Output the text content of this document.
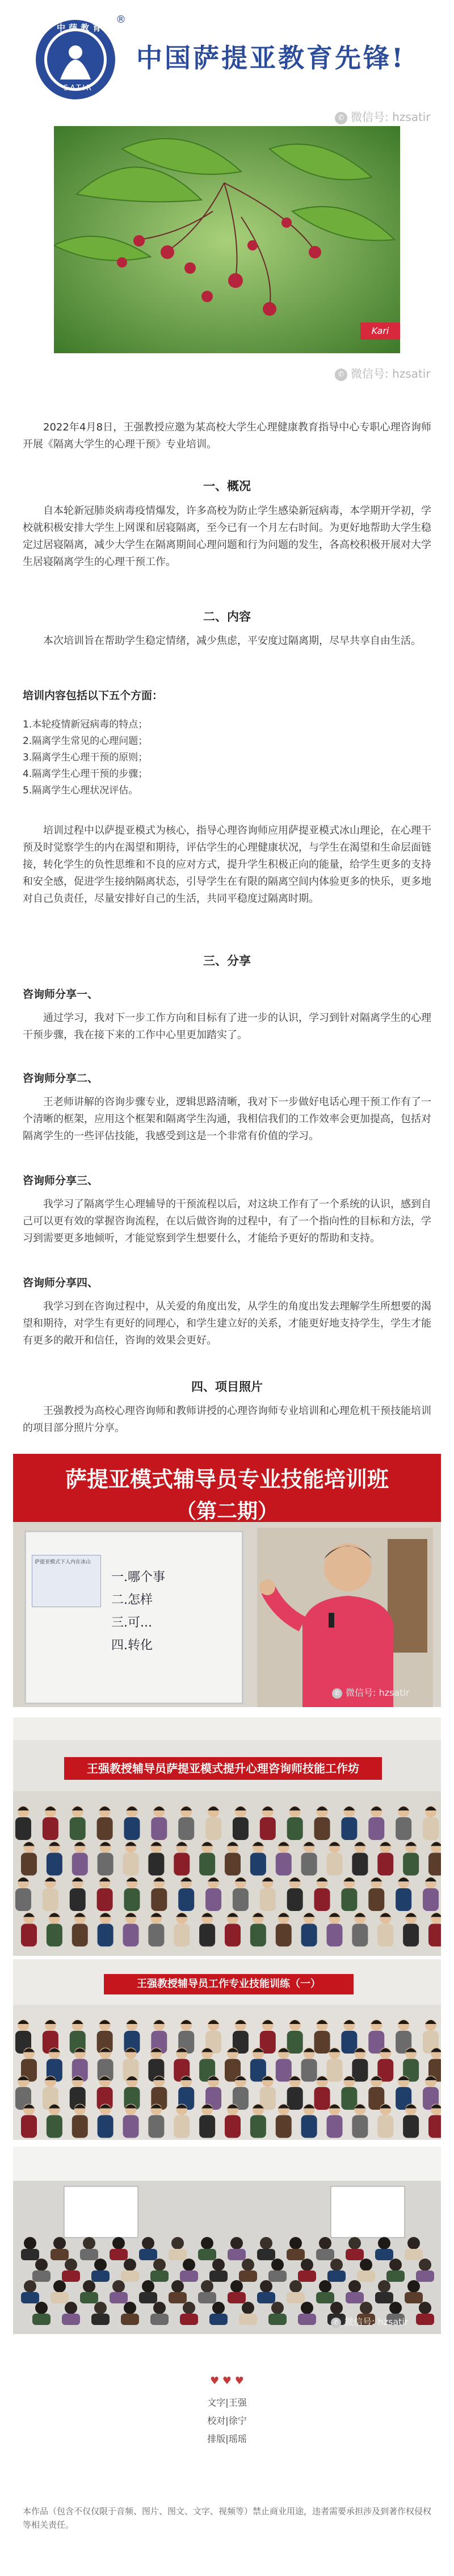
中萨教育
SATIR
®
中国萨提亚教育先锋!
✆ 微信号: hzsatir
Kari
✆ 微信号: hzsatir

2022年4月8日，王强教授应邀为某高校大学生心理健康教育指导中心专职心理咨询师开展《隔离大学生的心理干预》专业培训。

一、概况

自本轮新冠肺炎病毒疫情爆发，许多高校为防止学生感染新冠病毒，本学期开学初，学校就积极安排大学生上网课和居寝隔离，至今已有一个月左右时间。为更好地帮助大学生稳定过居寝隔离，减少大学生在隔离期间心理问题和行为问题的发生，各高校积极开展对大学生居寝隔离学生的心理干预工作。

二、内容

本次培训旨在帮助学生稳定情绪，减少焦虑，平安度过隔离期，尽早共享自由生活。

培训内容包括以下五个方面：
1.本轮疫情新冠病毒的特点；
2.隔离学生常见的心理问题；
3.隔离学生心理干预的原则；
4.隔离学生心理干预的步骤；
5.隔离学生心理状况评估。

培训过程中以萨提亚模式为核心，指导心理咨询师应用萨提亚模式冰山理论，在心理干预及时觉察学生的内在渴望和期待，评估学生的心理健康状况，与学生在渴望和生命层面链接，转化学生的负性思维和不良的应对方式，提升学生积极正向的能量，给学生更多的支持和安全感，促进学生接纳隔离状态，引导学生在有限的隔离空间内体验更多的快乐，更多地对自己负责任，尽量安排好自己的生活，共同平稳度过隔离时期。

三、分享
咨询师分享一、

通过学习，我对下一步工作方向和目标有了进一步的认识，学习到针对隔离学生的心理干预步骤，我在接下来的工作中心里更加踏实了。

咨询师分享二、

王老师讲解的咨询步骤专业，逻辑思路清晰，我对下一步做好电话心理干预工作有了一个清晰的框架，应用这个框架和隔离学生沟通，我相信我们的工作效率会更加提高，包括对隔离学生的一些评估技能，我感受到这是一个非常有价值的学习。

咨询师分享三、

我学习了隔离学生心理辅导的干预流程以后，对这块工作有了一个系统的认识，感到自己可以更有效的掌握咨询流程，在以后做咨询的过程中，有了一个指向性的目标和方法，学习到需要更多地倾听，才能觉察到学生想要什么，才能给予更好的帮助和支持。

咨询师分享四、

我学习到在咨询过程中，从关爱的角度出发，从学生的角度出发去理解学生所想要的渴望和期待，对学生有更好的同理心，和学生建立好的关系，才能更好地支持学生，学生才能有更多的敞开和信任，咨询的效果会更好。

四、项目照片

王强教授为高校心理咨询师和教师讲授的心理咨询师专业培训和心理危机干预技能培训的项目部分照片分享。

萨提亚模式辅导员专业技能培训班
（第二期）
萨提亚模式下人内在冰山
一.哪个事
二.怎样
三.可...
四.转化
✆ 微信号: hzsatir
王强教授辅导员萨提亚模式提升心理咨询师技能工作坊
王强教授辅导员工作专业技能训练（一）
✆ 微信号: hzsatir
♥ ♥ ♥
文字|王强
校对|徐宁
排版|瑶瑶
本作品（包含不仅仅限于音频、图片、图文、文字、视频等）禁止商业用途，违者需要承担涉及到著作权侵权等相关责任。
